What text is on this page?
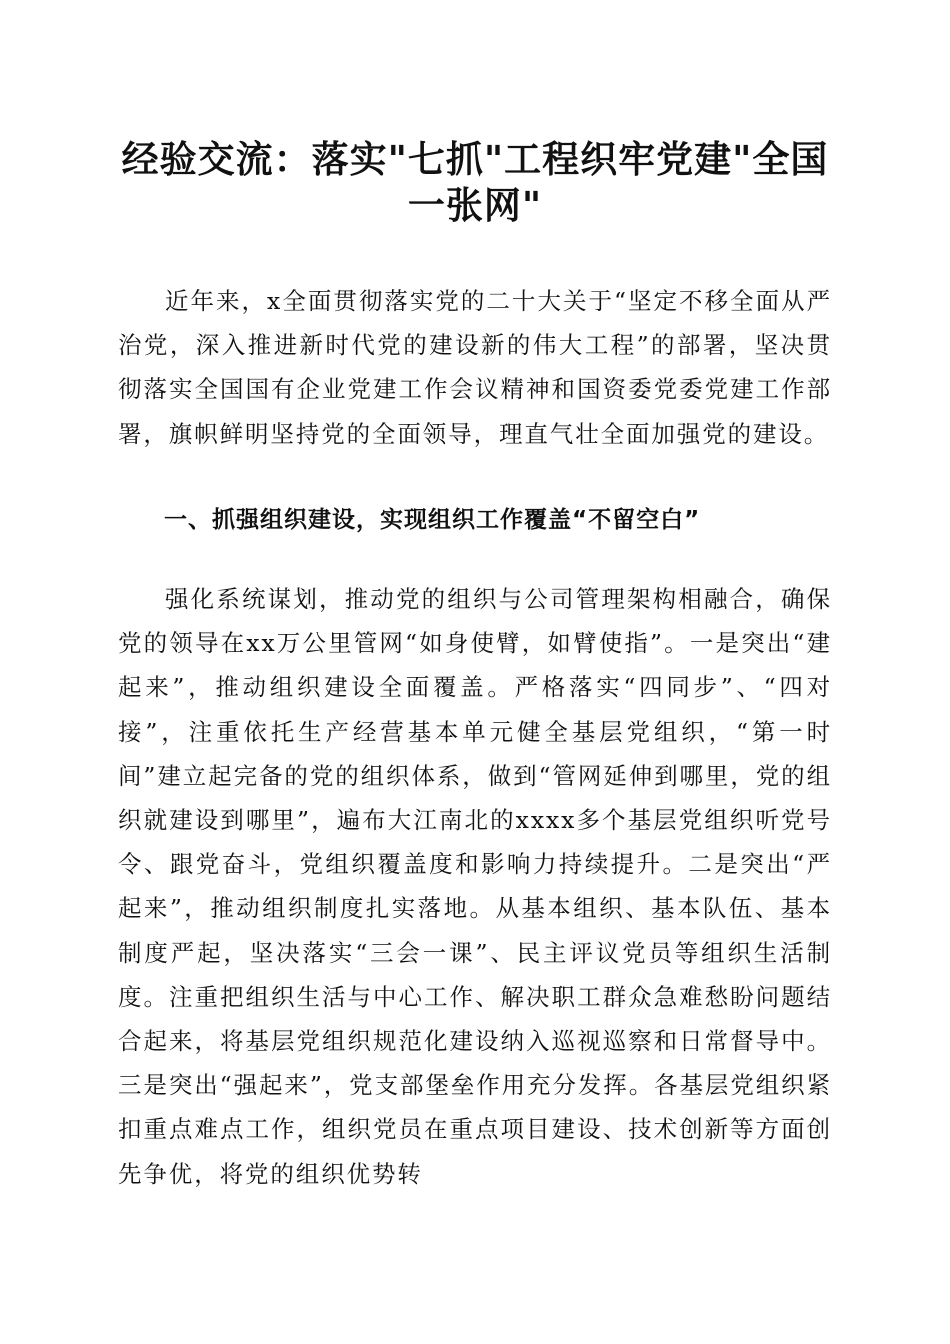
经验交流：落实"七抓"工程织牢党建"全国一张网"

近年来，x全面贯彻落实党的二十大关于“坚定不移全面从严治党，深入推进新时代党的建设新的伟大工程”的部署，坚决贯彻落实全国国有企业党建工作会议精神和国资委党委党建工作部署，旗帜鲜明坚持党的全面领导，理直气壮全面加强党的建设。

一、抓强组织建设，实现组织工作覆盖“不留空白”

强化系统谋划，推动党的组织与公司管理架构相融合，确保党的领导在xx万公里管网“如身使臂，如臂使指”。一是突出“建起来”，推动组织建设全面覆盖。严格落实“四同步”、“四对接”，注重依托生产经营基本单元健全基层党组织，“第一时间”建立起完备的党的组织体系，做到“管网延伸到哪里，党的组织就建设到哪里”，遍布大江南北的xxxx多个基层党组织听党号令、跟党奋斗，党组织覆盖度和影响力持续提升。二是突出“严起来”，推动组织制度扎实落地。从基本组织、基本队伍、基本制度严起，坚决落实“三会一课”、民主评议党员等组织生活制度。注重把组织生活与中心工作、解决职工群众急难愁盼问题结合起来，将基层党组织规范化建设纳入巡视巡察和日常督导中。三是突出“强起来”，党支部堡垒作用充分发挥。各基层党组织紧扣重点难点工作，组织党员在重点项目建设、技术创新等方面创先争优，将党的组织优势转
